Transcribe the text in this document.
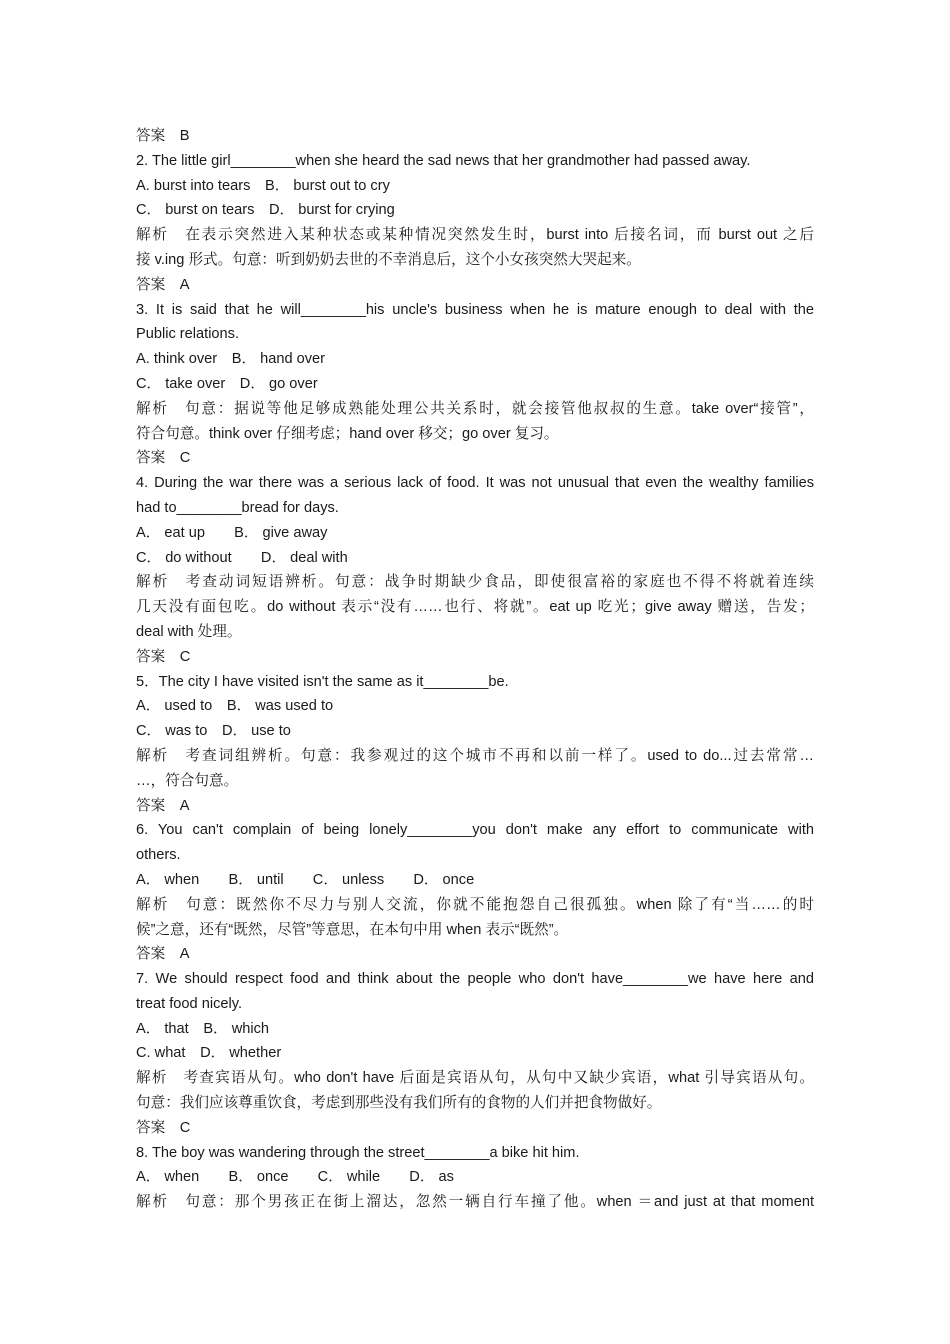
答案　B
2. The little girl________when she heard the sad news that her grandmother had passed away.
A. burst into tears　B． burst out to cry
C． burst on tears　D． burst for crying
解析　在表示突然进入某种状态或某种情况突然发生时，burst into 后接名词，而 burst out 之后
接 v.ing 形式。句意：听到奶奶去世的不幸消息后，这个小女孩突然大哭起来。
答案　A
3. It is said that he will________his uncle's business when he is mature enough to deal with the
Public relations.
A. think over　B． hand over
C． take over　D． go over
解析　句意：据说等他足够成熟能处理公共关系时，就会接管他叔叔的生意。take over“接管”，
符合句意。think over 仔细考虑；hand over 移交；go over 复习。
答案　C
4. During the war there was a serious lack of food. It was not unusual that even the wealthy families
had to________bread for days.
A． eat up　　B． give away
C． do without　　D． deal with
解析　考查动词短语辨析。句意：战争时期缺少食品，即使很富裕的家庭也不得不将就着连续
几天没有面包吃。do without 表示“没有……也行、将就”。eat up 吃光；give away 赠送，告发；
deal with 处理。
答案　C
5．The city I have visited isn't the same as it________be.
A． used to　B． was used to
C． was to　D． use to
解析　考查词组辨析。句意：我参观过的这个城市不再和以前一样了。used to do...过去常常…
…，符合句意。
答案　A
6. You can't complain of being lonely________you don't make any effort to communicate with
others.
A． when　　B． until　　C． unless　　D． once
解析　句意：既然你不尽力与别人交流，你就不能抱怨自己很孤独。when 除了有“当……的时
候”之意，还有“既然，尽管”等意思，在本句中用 when 表示“既然”。
答案　A
7. We should respect food and think about the people who don't have________we have here and
treat food nicely.
A． that　B． which
C. what　D． whether
解析　考查宾语从句。who don't have 后面是宾语从句，从句中又缺少宾语，what 引导宾语从句。
句意：我们应该尊重饮食，考虑到那些没有我们所有的食物的人们并把食物做好。
答案　C
8. The boy was wandering through the street________a bike hit him.
A． when　　B． once　　C． while　　D． as
解析　句意：那个男孩正在街上溜达，忽然一辆自行车撞了他。when ＝and just at that moment
